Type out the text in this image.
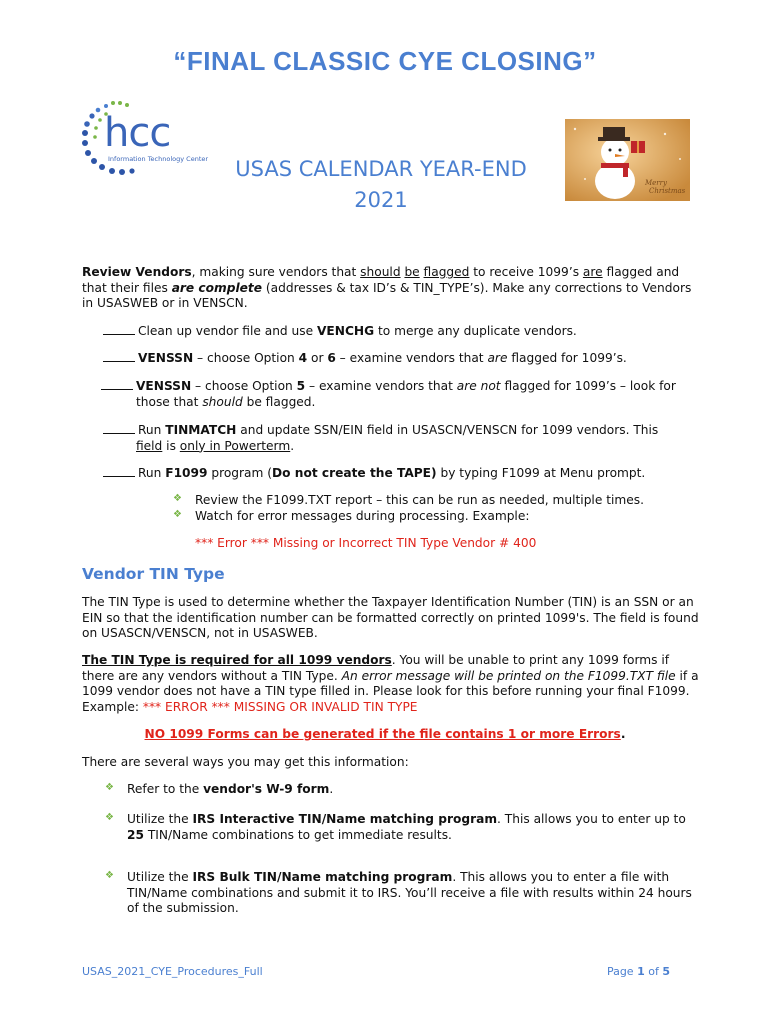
“FINAL CLASSIC CYE CLOSING”
hcc
Information Technology Center
Merry
Christmas
USAS CALENDAR YEAR-END
2021
Review Vendors, making sure vendors that should be flagged to receive 1099’s are flagged and that their files are complete (addresses & tax ID’s & TIN_TYPE’s). Make any corrections to Vendors in USASWEB or in VENSCN.
Clean up vendor file and use VENCHG to merge any duplicate vendors.
VENSSN – choose Option 4 or 6 – examine vendors that are flagged for 1099’s.
VENSSN – choose Option 5 – examine vendors that are not flagged for 1099’s – look for
those that should be flagged.
Run TINMATCH and update SSN/EIN field in USASCN/VENSCN for 1099 vendors. This
field is only in Powerterm.
Run F1099 program (Do not create the TAPE) by typing F1099 at Menu prompt.
❖ Review the F1099.TXT report – this can be run as needed, multiple times.
❖ Watch for error messages during processing. Example:
*** Error *** Missing or Incorrect TIN Type Vendor # 400
Vendor TIN Type
The TIN Type is used to determine whether the Taxpayer Identification Number (TIN) is an SSN or an EIN so that the identification number can be formatted correctly on printed 1099's. The field is found on USASCN/VENSCN, not in USASWEB.
The TIN Type is required for all 1099 vendors. You will be unable to print any 1099 forms if there are any vendors without a TIN Type. An error message will be printed on the F1099.TXT file if a 1099 vendor does not have a TIN type filled in. Please look for this before running your final F1099. Example: *** ERROR *** MISSING OR INVALID TIN TYPE
NO 1099 Forms can be generated if the file contains 1 or more Errors.
There are several ways you may get this information:
❖ Refer to the vendor's W-9 form.
❖ Utilize the IRS Interactive TIN/Name matching program. This allows you to enter up to 25 TIN/Name combinations to get immediate results.
❖ Utilize the IRS Bulk TIN/Name matching program. This allows you to enter a file with TIN/Name combinations and submit it to IRS. You’ll receive a file with results within 24 hours of the submission.
USAS_2021_CYE_Procedures_Full	Page 1 of 5
